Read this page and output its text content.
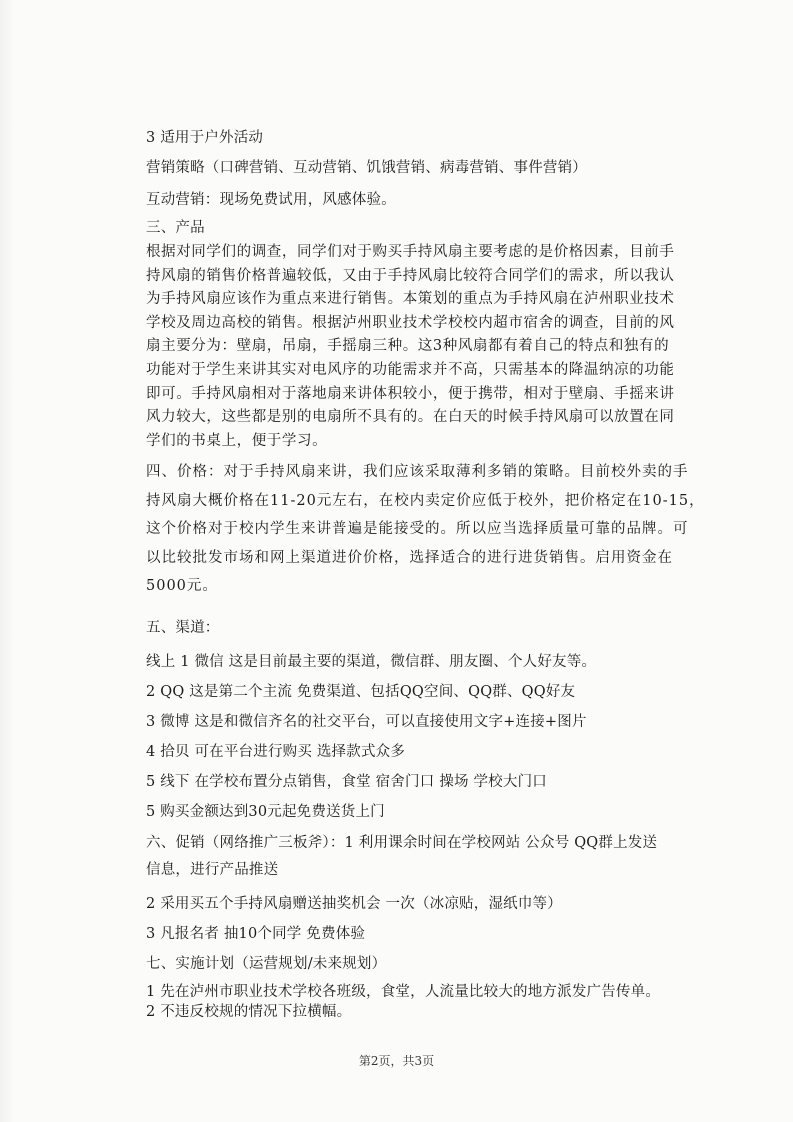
3 适用于户外活动
营销策略（口碑营销、互动营销、饥饿营销、病毒营销、事件营销）
互动营销：现场免费试用，风感体验。
三、产品
根据对同学们的调查，同学们对于购买手持风扇主要考虑的是价格因素，目前手
持风扇的销售价格普遍较低，又由于手持风扇比较符合同学们的需求，所以我认
为手持风扇应该作为重点来进行销售。本策划的重点为手持风扇在泸州职业技术
学校及周边高校的销售。根据泸州职业技术学校校内超市宿舍的调查，目前的风
扇主要分为：壁扇，吊扇，手摇扇三种。这3种风扇都有着自己的特点和独有的
功能对于学生来讲其实对电风序的功能需求并不高，只需基本的降温纳凉的功能
即可。手持风扇相对于落地扇来讲体积较小，便于携带，相对于壁扇、手摇来讲
风力较大，这些都是别的电扇所不具有的。在白天的时候手持风扇可以放置在同
学们的书桌上，便于学习。
四、价格：对于手持风扇来讲，我们应该采取薄利多销的策略。目前校外卖的手
持风扇大概价格在11-20元左右，在校内卖定价应低于校外，把价格定在10-15，
这个价格对于校内学生来讲普遍是能接受的。所以应当选择质量可靠的品牌。可
以比较批发市场和网上渠道进价价格，选择适合的进行进货销售。启用资金在
5000元。
五、渠道：
线上 1 微信 这是目前最主要的渠道，微信群、朋友圈、个人好友等。
2 QQ 这是第二个主流 免费渠道、包括QQ空间、QQ群、QQ好友
3 微博 这是和微信齐名的社交平台，可以直接使用文字+连接+图片
4 拾贝 可在平台进行购买 选择款式众多
5 线下 在学校布置分点销售，食堂 宿舍门口 操场 学校大门口
5 购买金额达到30元起免费送货上门
六、促销（网络推广三板斧）：1 利用课余时间在学校网站 公众号 QQ群上发送
信息，进行产品推送
2 采用买五个手持风扇赠送抽奖机会 一次（冰凉贴，湿纸巾等）
3 凡报名者 抽10个同学 免费体验
七、实施计划（运营规划/未来规划）
1 先在泸州市职业技术学校各班级，食堂，人流量比较大的地方派发广告传单。
2 不违反校规的情况下拉横幅。
第2页，共3页
